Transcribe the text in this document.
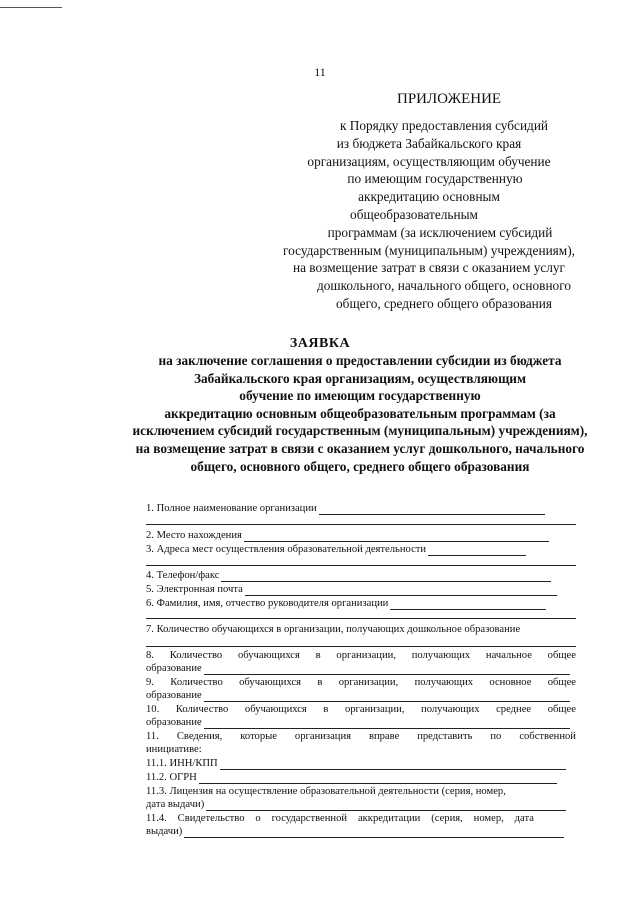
11
ПРИЛОЖЕНИЕ
к Порядку предоставления субсидий
из бюджета Забайкальского края
организациям, осуществляющим обучение
по имеющим государственную
аккредитацию основным
общеобразовательным
программам (за исключением субсидий
государственным (муниципальным) учреждениям),
на возмещение затрат в связи с оказанием услуг
дошкольного, начального общего, основного
общего, среднего общего образования
ЗАЯВКА
на заключение соглашения о предоставлении субсидии из бюджета
Забайкальского края организациям, осуществляющим
обучение по имеющим государственную
аккредитацию основным общеобразовательным программам (за
исключением субсидий государственным (муниципальным) учреждениям),
на возмещение затрат в связи с оказанием услуг дошкольного, начального
общего, основного общего, среднего общего образования
1. Полное наименование организации
2. Место нахождения
3. Адреса мест осуществления образовательной деятельности
4. Телефон/факс
5. Электронная почта
6. Фамилия, имя, отчество руководителя организации
7. Количество обучающихся в организации, получающих дошкольное образование
8. Количество обучающихся в организации, получающих начальное общее
образование
9. Количество обучающихся в организации, получающих основное общее
образование
10. Количество обучающихся в организации, получающих среднее общее
образование
11. Сведения, которые организация вправе представить по собственной
инициативе:
11.1. ИНН/КПП
11.2. ОГРН
11.3. Лицензия на осуществление образовательной деятельности (серия, номер,
дата выдачи)
11.4. Свидетельство о государственной аккредитации (серия, номер, дата
выдачи)
